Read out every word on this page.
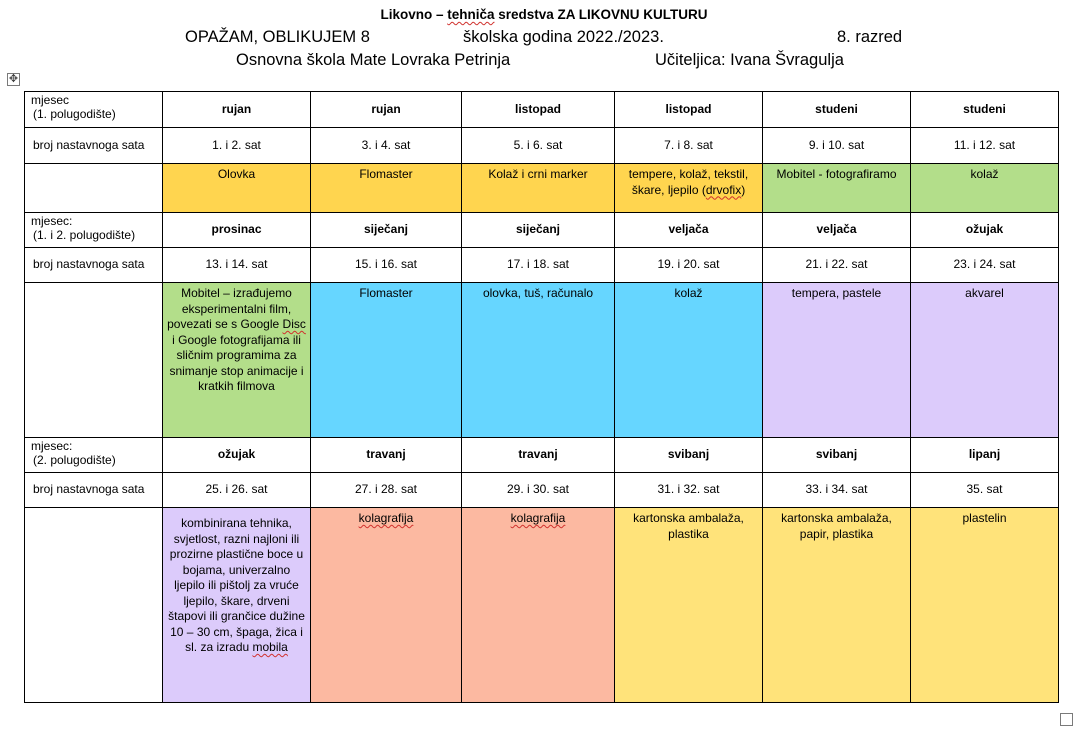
Likovno – tehniča sredstva ZA LIKOVNU KULTURU
OPAŽAM, OBLIKUJEM 8	školska godina 2022./2023.	8. razred
Osnovna škola Mate Lovraka Petrinja	Učiteljica: Ivana Švragulja
✥
mjesec
(1. polugodište)	rujan	rujan	listopad	listopad	studeni	studeni
broj nastavnoga sata	1. i 2. sat	3. i 4. sat	5. i 6. sat	7. i 8. sat	9. i 10. sat	11. i 12. sat
	Olovka	Flomaster	Kolaž i crni marker	tempere, kolaž, tekstil, škare, ljepilo (drvofix)	Mobitel - fotografiramo	kolaž

mjesec:
(1. i 2. polugodište)	prosinac	siječanj	siječanj	veljača	veljača	ožujak
broj nastavnoga sata	13. i 14. sat	15. i 16. sat	17. i 18. sat	19. i 20. sat	21. i 22. sat	23. i 24. sat
	Mobitel – izrađujemo eksperimentalni film, povezati se s Google Disc i Google fotografijama ili sličnim programima za snimanje stop animacije i kratkih filmova	Flomaster	olovka, tuš, računalo	kolaž	tempera, pastele	akvarel

mjesec:
(2. polugodište)	ožujak	travanj	travanj	svibanj	svibanj	lipanj
broj nastavnoga sata	25. i 26. sat	27. i 28. sat	29. i 30. sat	31. i 32. sat	33. i 34. sat	35. sat
	kombinirana tehnika, svjetlost, razni najloni ili prozirne plastične boce u bojama, univerzalno ljepilo ili pištolj za vruće ljepilo, škare, drveni štapovi ili grančice dužine 10 – 30 cm, špaga, žica i sl. za izradu mobila	kolagrafija	kolagrafija	kartonska ambalaža, plastika	kartonska ambalaža, papir, plastika	plastelin
